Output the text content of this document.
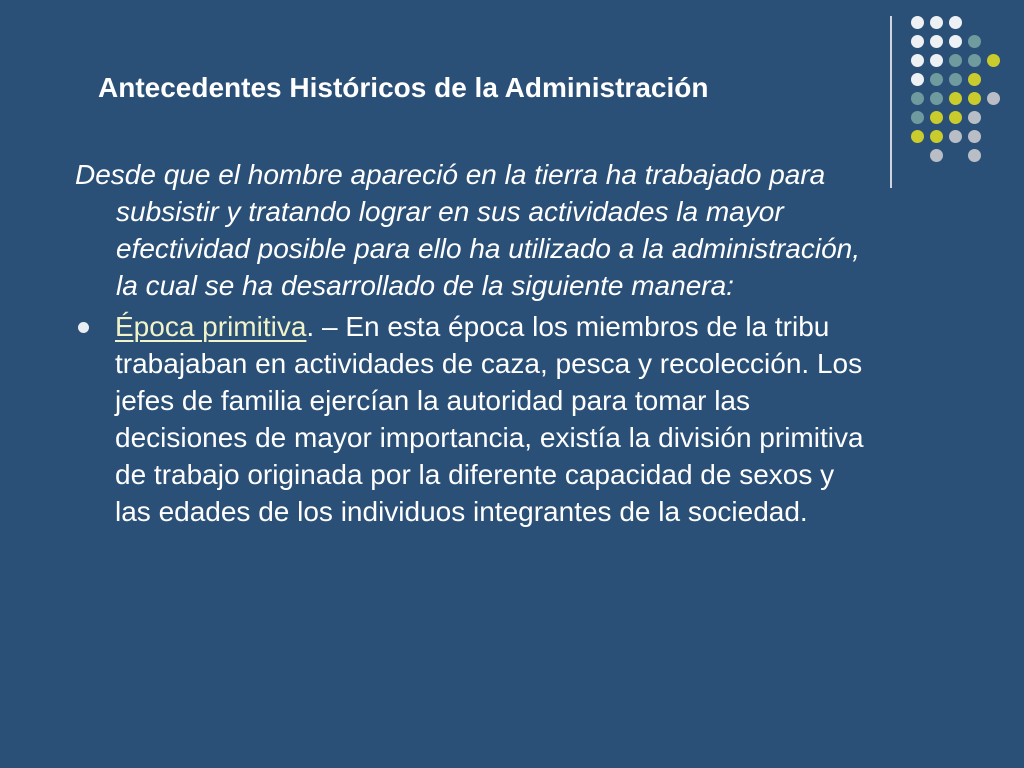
Antecedentes Históricos de la Administración

Desde que el hombre apareció en la tierra ha trabajado para subsistir y tratando lograr en sus actividades la mayor efectividad posible para ello ha utilizado a la administración, la cual se ha desarrollado de la siguiente manera:

Época primitiva. – En esta época los miembros de la tribu trabajaban en actividades de caza, pesca y recolección. Los jefes de familia ejercían la autoridad para tomar las decisiones de mayor importancia, existía la división primitiva de trabajo originada por la diferente capacidad de sexos y las edades de los individuos integrantes de la sociedad.
